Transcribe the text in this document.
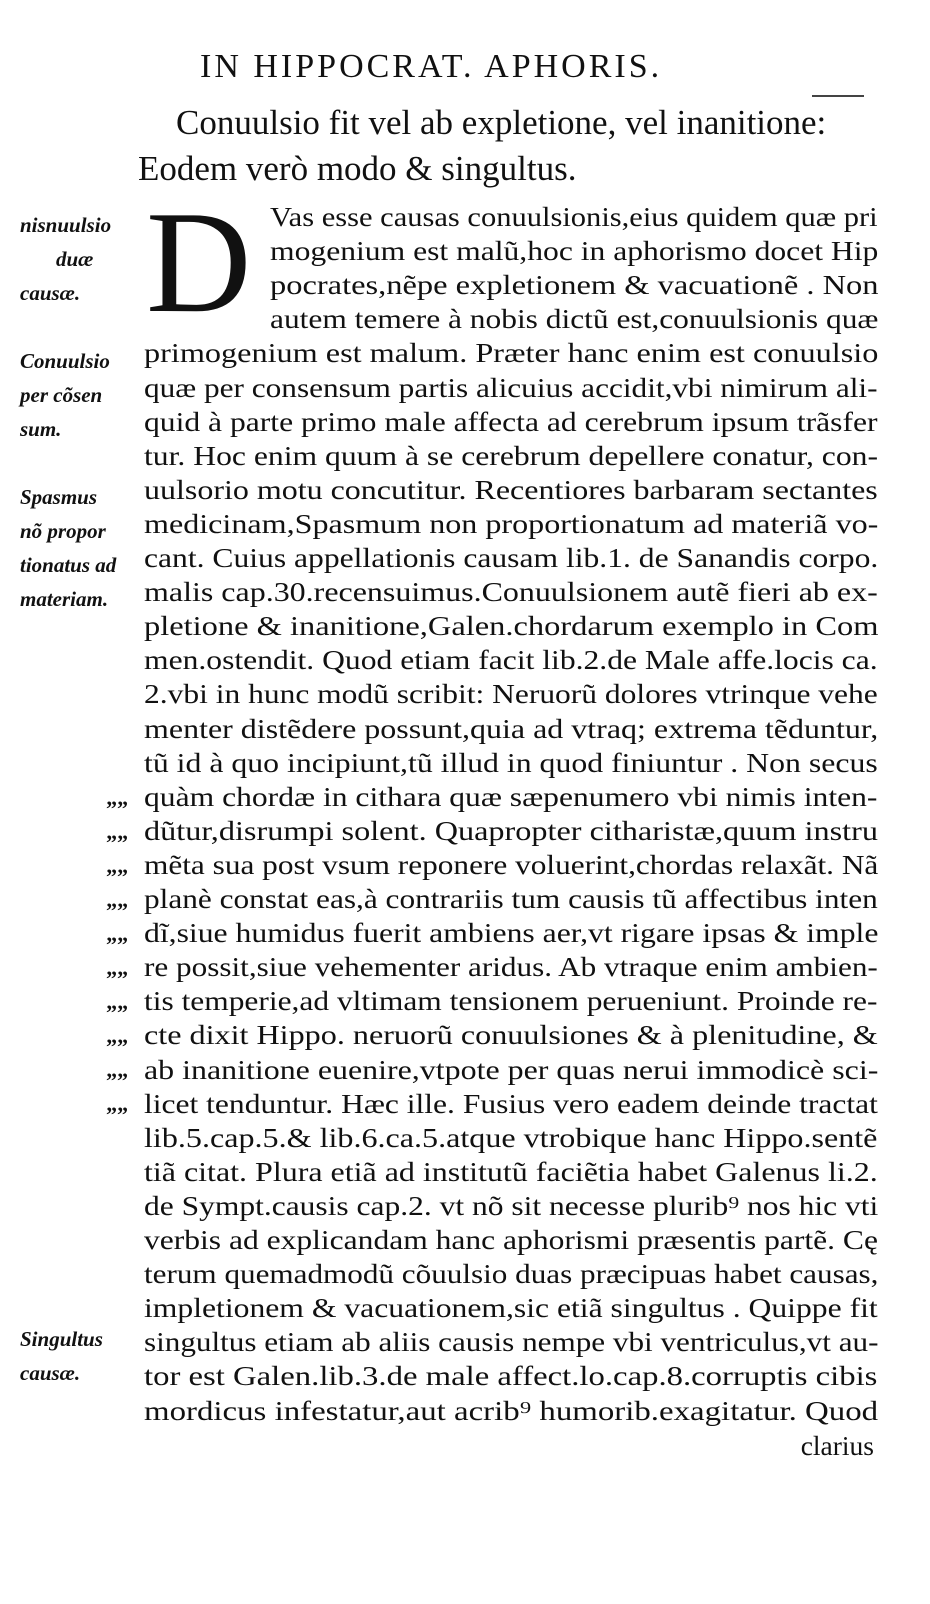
IN HIPPOCRAT. APHORIS.
Conuulsio fit vel ab expletione, vel inanitione:
Eodem verò modo & singultus.
D Vas esse causas conuulsionis,eius quidem quæ pri
mogenium est malũ,hoc in aphorismo docet Hip
pocrates,nẽpe expletionem & vacuationẽ . Non
autem temere à nobis dictũ est,conuulsionis quæ
primogenium est malum. Præter hanc enim est conuulsio
quæ per consensum partis alicuius accidit,vbi nimirum ali-
quid à parte primo male affecta ad cerebrum ipsum trãsfer
tur. Hoc enim quum à se cerebrum depellere conatur, con-
uulsorio motu concutitur. Recentiores barbaram sectantes
medicinam,Spasmum non proportionatum ad materiã vo-
cant. Cuius appellationis causam lib.1. de Sanandis corpo.
malis cap.30.recensuimus.Conuulsionem autẽ fieri ab ex-
pletione & inanitione,Galen.chordarum exemplo in Com
men.ostendit. Quod etiam facit lib.2.de Male affe.locis ca.
2.vbi in hunc modũ scribit: Neruorũ dolores vtrinque vehe
menter distẽdere possunt,quia ad vtraq; extrema tẽduntur,
tũ id à quo incipiunt,tũ illud in quod finiuntur . Non secus
quàm chordæ in cithara quæ sæpenumero vbi nimis inten-
dũtur,disrumpi solent. Quapropter citharistæ,quum instru
mẽta sua post vsum reponere voluerint,chordas relaxãt. Nã
planè constat eas,à contrariis tum causis tũ affectibus inten
dĩ,siue humidus fuerit ambiens aer,vt rigare ipsas & imple
re possit,siue vehementer aridus. Ab vtraque enim ambien-
tis temperie,ad vltimam tensionem perueniunt. Proinde re-
cte dixit Hippo. neruorũ conuulsiones & à plenitudine, &
ab inanitione euenire,vtpote per quas nerui immodicè sci-
licet tenduntur. Hæc ille. Fusius vero eadem deinde tractat
lib.5.cap.5.& lib.6.ca.5.atque vtrobique hanc Hippo.sentẽ
tiã citat. Plura etiã ad institutũ faciẽtia habet Galenus li.2.
de Sympt.causis cap.2. vt nõ sit necesse plurib⁹ nos hic vti
verbis ad explicandam hanc aphorismi præsentis partẽ. Cę
terum quemadmodũ cõuulsio duas præcipuas habet causas,
impletionem & vacuationem,sic etiã singultus . Quippe fit
singultus etiam ab aliis causis nempe vbi ventriculus,vt au-
tor est Galen.lib.3.de male affect.lo.cap.8.corruptis cibis
mordicus infestatur,aut acrib⁹ humorib.exagitatur. Quod
nisnuulsio
duæ
causæ.
Conuulsio
per cõsen
sum.
Spasmus
nõ propor
tionatus ad
materiam.
Singultus
causæ.
””
””
””
””
””
””
””
””
””
””
clarius
